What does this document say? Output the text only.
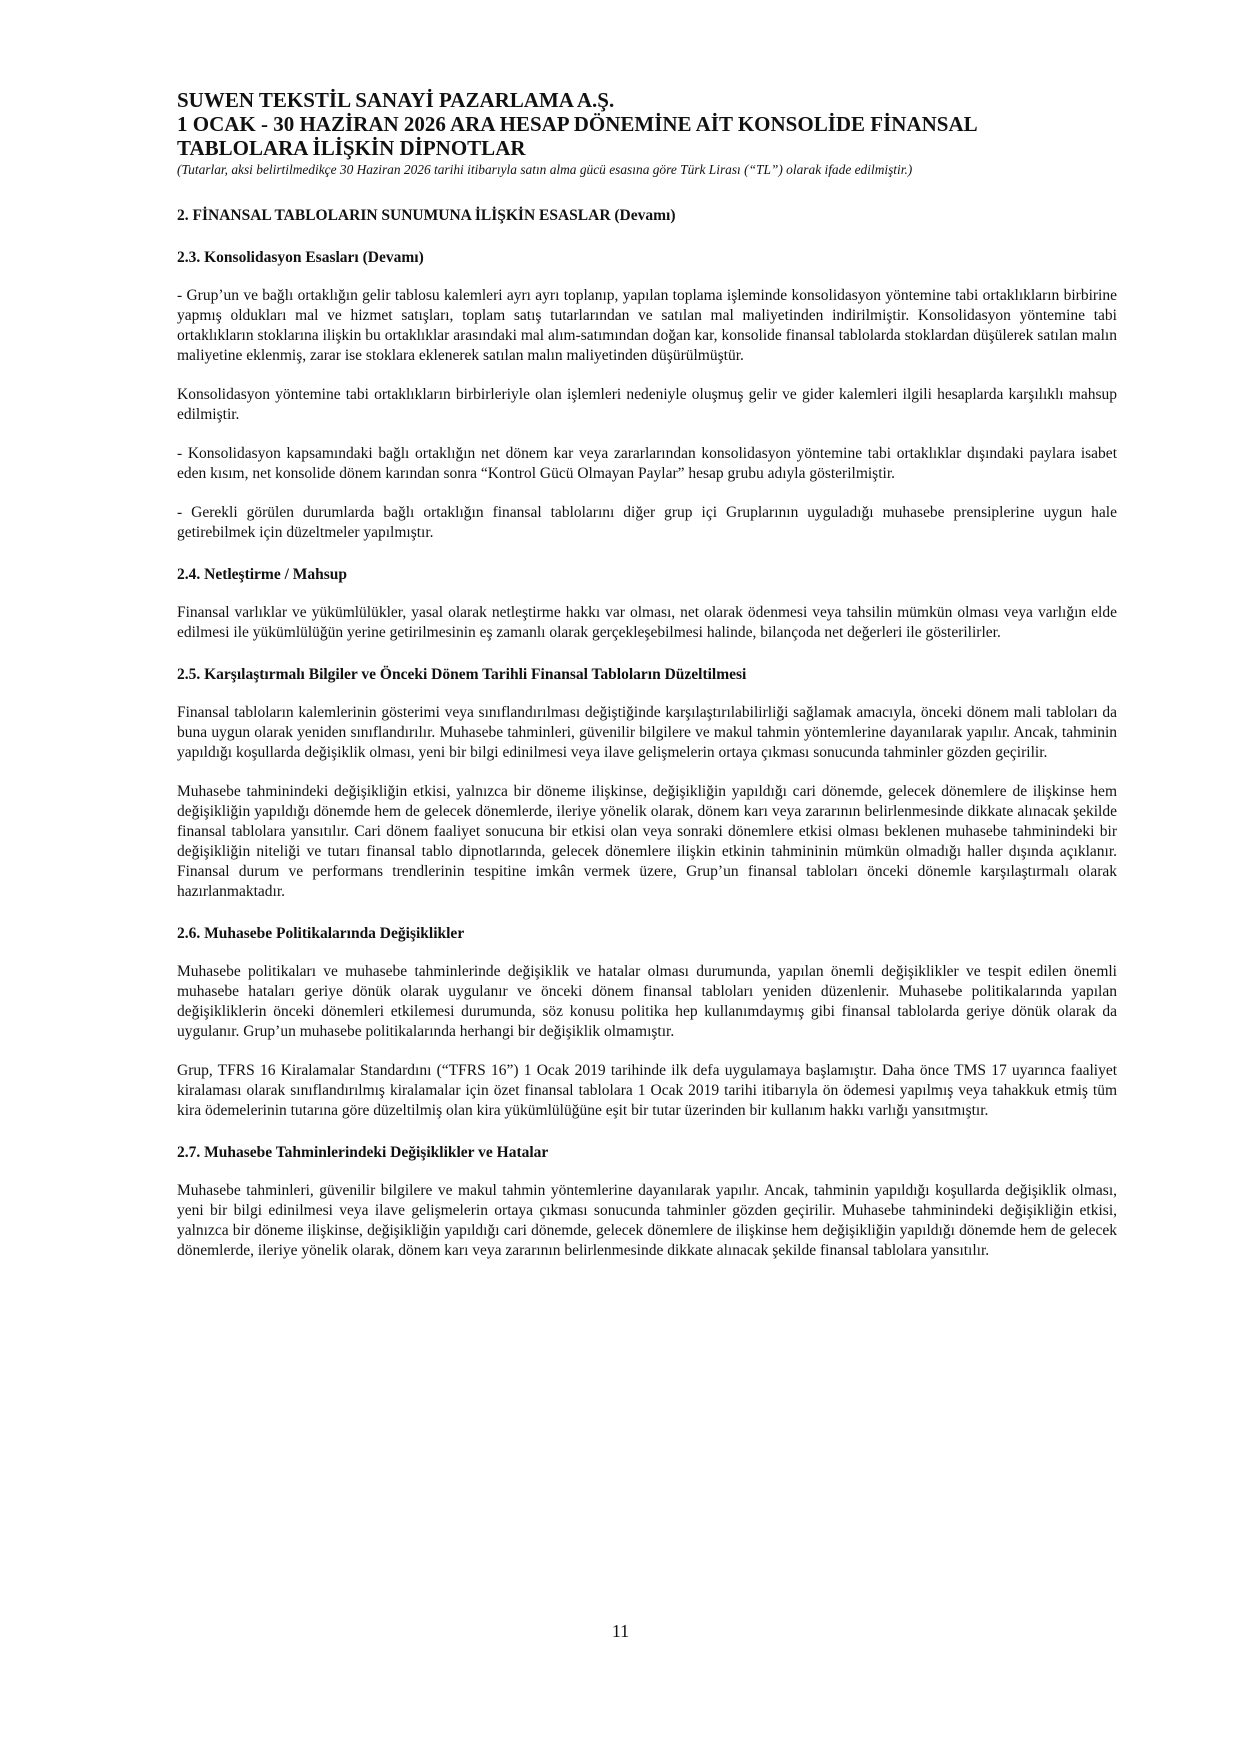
SUWEN TEKSTİL SANAYİ PAZARLAMA A.Ş.

1 OCAK - 30 HAZİRAN 2026 ARA HESAP DÖNEMİNE AİT KONSOLİDE FİNANSAL

TABLOLARA İLİŞKİN DİPNOTLAR

(Tutarlar, aksi belirtilmedikçe 30 Haziran 2026 tarihi itibarıyla satın alma gücü esasına göre Türk Lirası (“TL”) olarak ifade edilmiştir.)

2. FİNANSAL TABLOLARIN SUNUMUNA İLİŞKİN ESASLAR (Devamı)

2.3. Konsolidasyon Esasları (Devamı)

- Grup’un ve bağlı ortaklığın gelir tablosu kalemleri ayrı ayrı toplanıp, yapılan toplama işleminde konsolidasyon yöntemine tabi ortaklıkların birbirine yapmış oldukları mal ve hizmet satışları, toplam satış tutarlarından ve satılan mal maliyetinden indirilmiştir. Konsolidasyon yöntemine tabi ortaklıkların stoklarına ilişkin bu ortaklıklar arasındaki mal alım-satımından doğan kar, konsolide finansal tablolarda stoklardan düşülerek satılan malın maliyetine eklenmiş, zarar ise stoklara eklenerek satılan malın maliyetinden düşürülmüştür.

Konsolidasyon yöntemine tabi ortaklıkların birbirleriyle olan işlemleri nedeniyle oluşmuş gelir ve gider kalemleri ilgili hesaplarda karşılıklı mahsup edilmiştir.

- Konsolidasyon kapsamındaki bağlı ortaklığın net dönem kar veya zararlarından konsolidasyon yöntemine tabi ortaklıklar dışındaki paylara isabet eden kısım, net konsolide dönem karından sonra “Kontrol Gücü Olmayan Paylar” hesap grubu adıyla gösterilmiştir.

- Gerekli görülen durumlarda bağlı ortaklığın finansal tablolarını diğer grup içi Gruplarının uyguladığı muhasebe prensiplerine uygun hale getirebilmek için düzeltmeler yapılmıştır.

2.4. Netleştirme / Mahsup

Finansal varlıklar ve yükümlülükler, yasal olarak netleştirme hakkı var olması, net olarak ödenmesi veya tahsilin mümkün olması veya varlığın elde edilmesi ile yükümlülüğün yerine getirilmesinin eş zamanlı olarak gerçekleşebilmesi halinde, bilançoda net değerleri ile gösterilirler.

2.5. Karşılaştırmalı Bilgiler ve Önceki Dönem Tarihli Finansal Tabloların Düzeltilmesi

Finansal tabloların kalemlerinin gösterimi veya sınıflandırılması değiştiğinde karşılaştırılabilirliği sağlamak amacıyla, önceki dönem mali tabloları da buna uygun olarak yeniden sınıflandırılır. Muhasebe tahminleri, güvenilir bilgilere ve makul tahmin yöntemlerine dayanılarak yapılır. Ancak, tahminin yapıldığı koşullarda değişiklik olması, yeni bir bilgi edinilmesi veya ilave gelişmelerin ortaya çıkması sonucunda tahminler gözden geçirilir.

Muhasebe tahminindeki değişikliğin etkisi, yalnızca bir döneme ilişkinse, değişikliğin yapıldığı cari dönemde, gelecek dönemlere de ilişkinse hem değişikliğin yapıldığı dönemde hem de gelecek dönemlerde, ileriye yönelik olarak, dönem karı veya zararının belirlenmesinde dikkate alınacak şekilde finansal tablolara yansıtılır. Cari dönem faaliyet sonucuna bir etkisi olan veya sonraki dönemlere etkisi olması beklenen muhasebe tahminindeki bir değişikliğin niteliği ve tutarı finansal tablo dipnotlarında, gelecek dönemlere ilişkin etkinin tahmininin mümkün olmadığı haller dışında açıklanır. Finansal durum ve performans trendlerinin tespitine imkân vermek üzere, Grup’un finansal tabloları önceki dönemle karşılaştırmalı olarak hazırlanmaktadır.

2.6. Muhasebe Politikalarında Değişiklikler

Muhasebe politikaları ve muhasebe tahminlerinde değişiklik ve hatalar olması durumunda, yapılan önemli değişiklikler ve tespit edilen önemli muhasebe hataları geriye dönük olarak uygulanır ve önceki dönem finansal tabloları yeniden düzenlenir. Muhasebe politikalarında yapılan değişikliklerin önceki dönemleri etkilemesi durumunda, söz konusu politika hep kullanımdaymış gibi finansal tablolarda geriye dönük olarak da uygulanır. Grup’un muhasebe politikalarında herhangi bir değişiklik olmamıştır.

Grup, TFRS 16 Kiralamalar Standardını (“TFRS 16”) 1 Ocak 2019 tarihinde ilk defa uygulamaya başlamıştır. Daha önce TMS 17 uyarınca faaliyet kiralaması olarak sınıflandırılmış kiralamalar için özet finansal tablolara 1 Ocak 2019 tarihi itibarıyla ön ödemesi yapılmış veya tahakkuk etmiş tüm kira ödemelerinin tutarına göre düzeltilmiş olan kira yükümlülüğüne eşit bir tutar üzerinden bir kullanım hakkı varlığı yansıtmıştır.

2.7. Muhasebe Tahminlerindeki Değişiklikler ve Hatalar

Muhasebe tahminleri, güvenilir bilgilere ve makul tahmin yöntemlerine dayanılarak yapılır. Ancak, tahminin yapıldığı koşullarda değişiklik olması, yeni bir bilgi edinilmesi veya ilave gelişmelerin ortaya çıkması sonucunda tahminler gözden geçirilir. Muhasebe tahminindeki değişikliğin etkisi, yalnızca bir döneme ilişkinse, değişikliğin yapıldığı cari dönemde, gelecek dönemlere de ilişkinse hem değişikliğin yapıldığı dönemde hem de gelecek dönemlerde, ileriye yönelik olarak, dönem karı veya zararının belirlenmesinde dikkate alınacak şekilde finansal tablolara yansıtılır.

11
